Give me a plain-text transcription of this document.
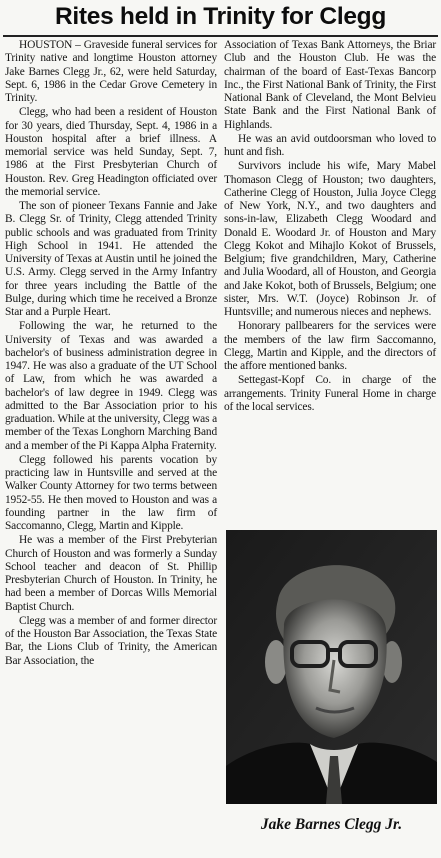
Rites held in Trinity for Clegg

HOUSTON – Graveside funeral services for Trinity native and longtime Houston attorney Jake Barnes Clegg Jr., 62, were held Saturday, Sept. 6, 1986 in the Cedar Grove Cemetery in Trinity.

Clegg, who had been a resident of Houston for 30 years, died Thursday, Sept. 4, 1986 in a Houston hospital after a brief illness. A memorial service was held Sunday, Sept. 7, 1986 at the First Presbyterian Church of Houston. Rev. Greg Headington officiated over the memorial service.

The son of pioneer Texans Fannie and Jake B. Clegg Sr. of Trinity, Clegg attended Trinity public schools and was graduated from Trinity High School in 1941. He attended the University of Texas at Austin until he joined the U.S. Army. Clegg served in the Army Infantry for three years including the Battle of the Bulge, during which time he received a Bronze Star and a Purple Heart.

Following the war, he returned to the University of Texas and was awarded a bachelor's of business administration degree in 1947. He was also a graduate of the UT School of Law, from which he was awarded a bachelor's of law degree in 1949. Clegg was admitted to the Bar Association prior to his graduation. While at the university, Clegg was a member of the Texas Longhorn Marching Band and a member of the Pi Kappa Alpha Fraternity.

Clegg followed his parents vocation by practicing law in Huntsville and served at the Walker County Attorney for two terms between 1952-55. He then moved to Houston and was a founding partner in the law firm of Saccomanno, Clegg, Martin and Kipple.

He was a member of the First Prebyterian Church of Houston and was formerly a Sunday School teacher and deacon of St. Phillip Presbyterian Church of Houston. In Trinity, he had been a member of Dorcas Wills Memorial Baptist Church.

Clegg was a member of and former director of the Houston Bar Association, the Texas State Bar, the Lions Club of Trinity, the American Bar Association, the

Association of Texas Bank Attorneys, the Briar Club and the Houston Club. He was the chairman of the board of East-Texas Bancorp Inc., the First National Bank of Trinity, the First National Bank of Cleveland, the Mont Belvieu State Bank and the First National Bank of Highlands.

He was an avid outdoorsman who loved to hunt and fish.

Survivors include his wife, Mary Mabel Thomason Clegg of Houston; two daughters, Catherine Clegg of Houston, Julia Joyce Clegg of New York, N.Y., and two daughters and sons-in-law, Elizabeth Clegg Woodard and Donald E. Woodard Jr. of Houston and Mary Clegg Kokot and Mihajlo Kokot of Brussels, Belgium; five grandchildren, Mary, Catherine and Julia Woodard, all of Houston, and Georgia and Jake Kokot, both of Brussels, Belgium; one sister, Mrs. W.T. (Joyce) Robinson Jr. of Huntsville; and numerous nieces and nephews.

Honorary pallbearers for the services were the members of the law firm Saccomanno, Clegg, Martin and Kipple, and the directors of the affore mentioned banks.

Settegast-Kopf Co. in charge of the arrangements. Trinity Funeral Home in charge of the local services.

Jake Barnes Clegg Jr.
